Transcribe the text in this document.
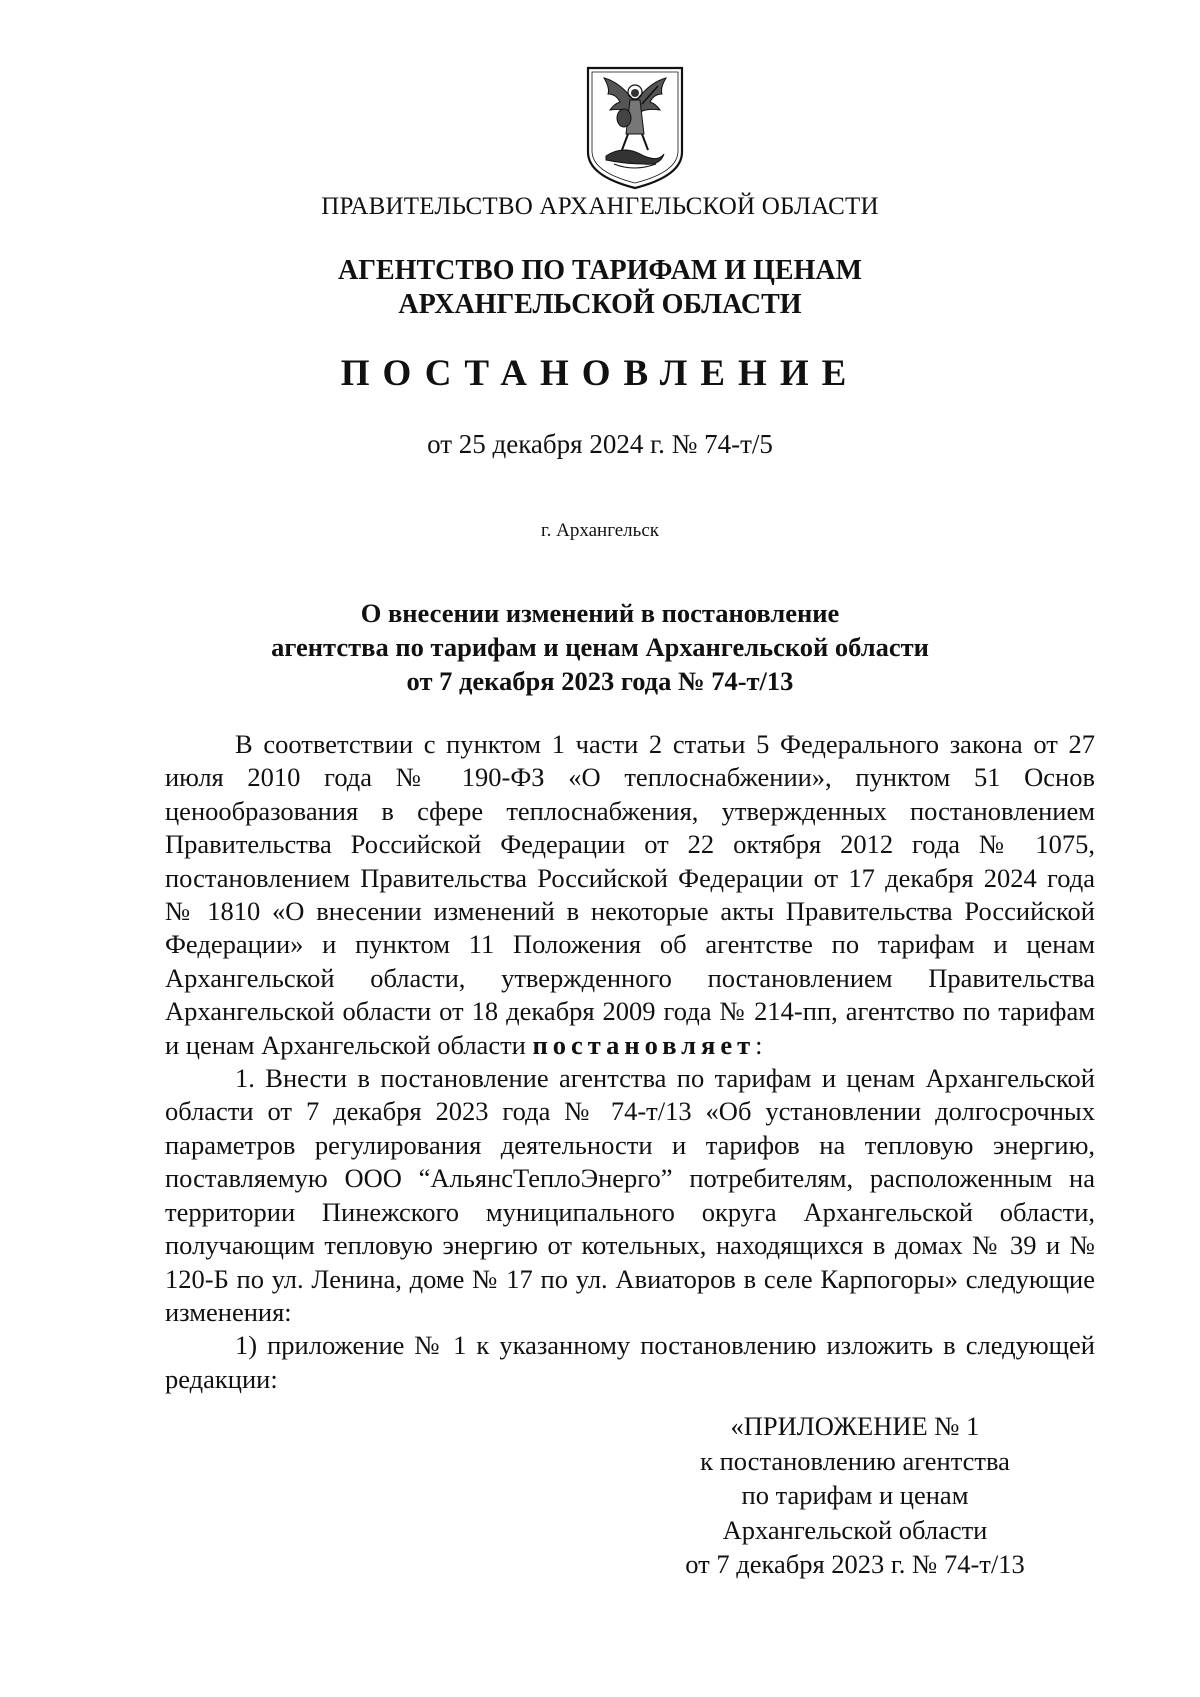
ПРАВИТЕЛЬСТВО АРХАНГЕЛЬСКОЙ ОБЛАСТИ
АГЕНТСТВО ПО ТАРИФАМ И ЦЕНАМ
АРХАНГЕЛЬСКОЙ ОБЛАСТИ
ПОСТАНОВЛЕНИЕ
от 25 декабря 2024 г. № 74-т/5
г. Архангельск
О внесении изменений в постановление
агентства по тарифам и ценам Архангельской области
от 7 декабря 2023 года № 74-т/13

В соответствии с пунктом 1 части 2 статьи 5 Федерального закона от 27 июля 2010 года № 190-ФЗ «О теплоснабжении», пунктом 51 Основ ценообразования в сфере теплоснабжения, утвержденных постановлением Правительства Российской Федерации от 22 октября 2012 года № 1075, постановлением Правительства Российской Федерации от 17 декабря 2024 года № 1810 «О внесении изменений в некоторые акты Правительства Российской Федерации» и пунктом 11 Положения об агентстве по тарифам и ценам Архангельской области, утвержденного постановлением Правительства Архангельской области от 18 декабря 2009 года № 214-пп, агентство по тарифам и ценам Архангельской области постановляет:

1. Внести в постановление агентства по тарифам и ценам Архангельской области от 7 декабря 2023 года № 74-т/13 «Об установлении долгосрочных параметров регулирования деятельности и тарифов на тепловую энергию, поставляемую ООО “АльянсТеплоЭнерго” потребителям, расположенным на территории Пинежского муниципального округа Архангельской области, получающим тепловую энергию от котельных, находящихся в домах № 39 и № 120-Б по ул. Ленина, доме № 17 по ул. Авиаторов в селе Карпогоры» следующие изменения:

1) приложение № 1 к указанному постановлению изложить в следующей редакции:

«ПРИЛОЖЕНИЕ № 1
к постановлению агентства
по тарифам и ценам
Архангельской области
от 7 декабря 2023 г. № 74-т/13
